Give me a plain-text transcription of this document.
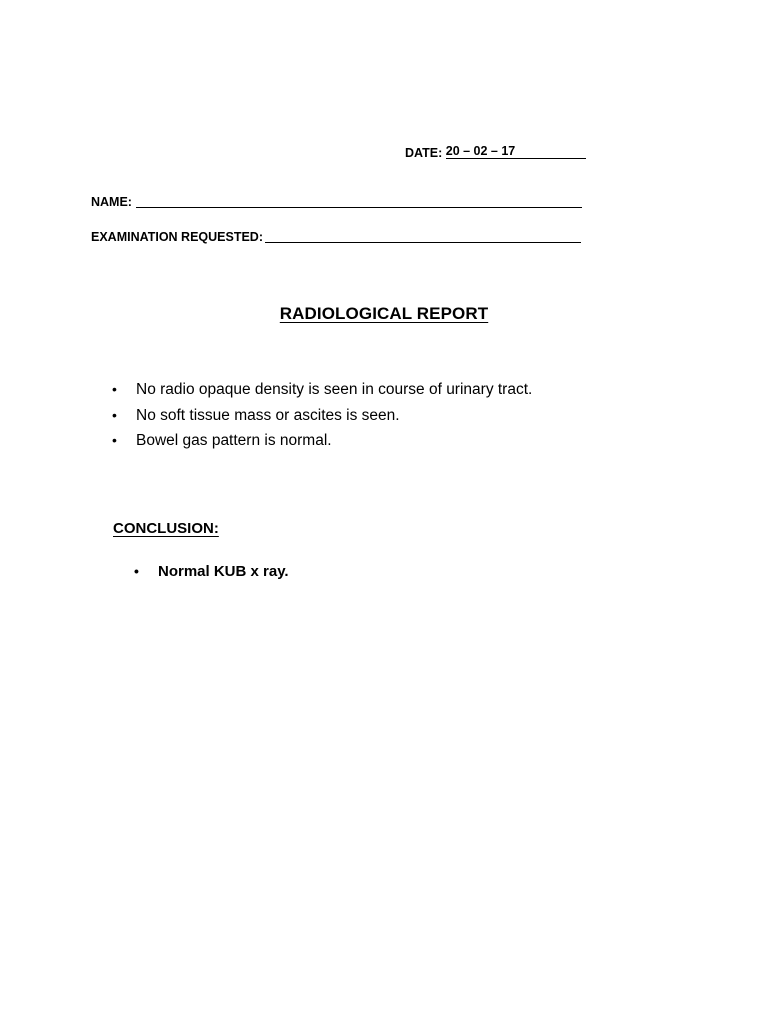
DATE: 20 – 02 – 17
NAME:
EXAMINATION REQUESTED:
RADIOLOGICAL REPORT
•	No radio opaque density is seen in course of urinary tract.
•	No soft tissue mass or ascites is seen.
•	Bowel gas pattern is normal.
CONCLUSION:
•	Normal KUB x ray.
